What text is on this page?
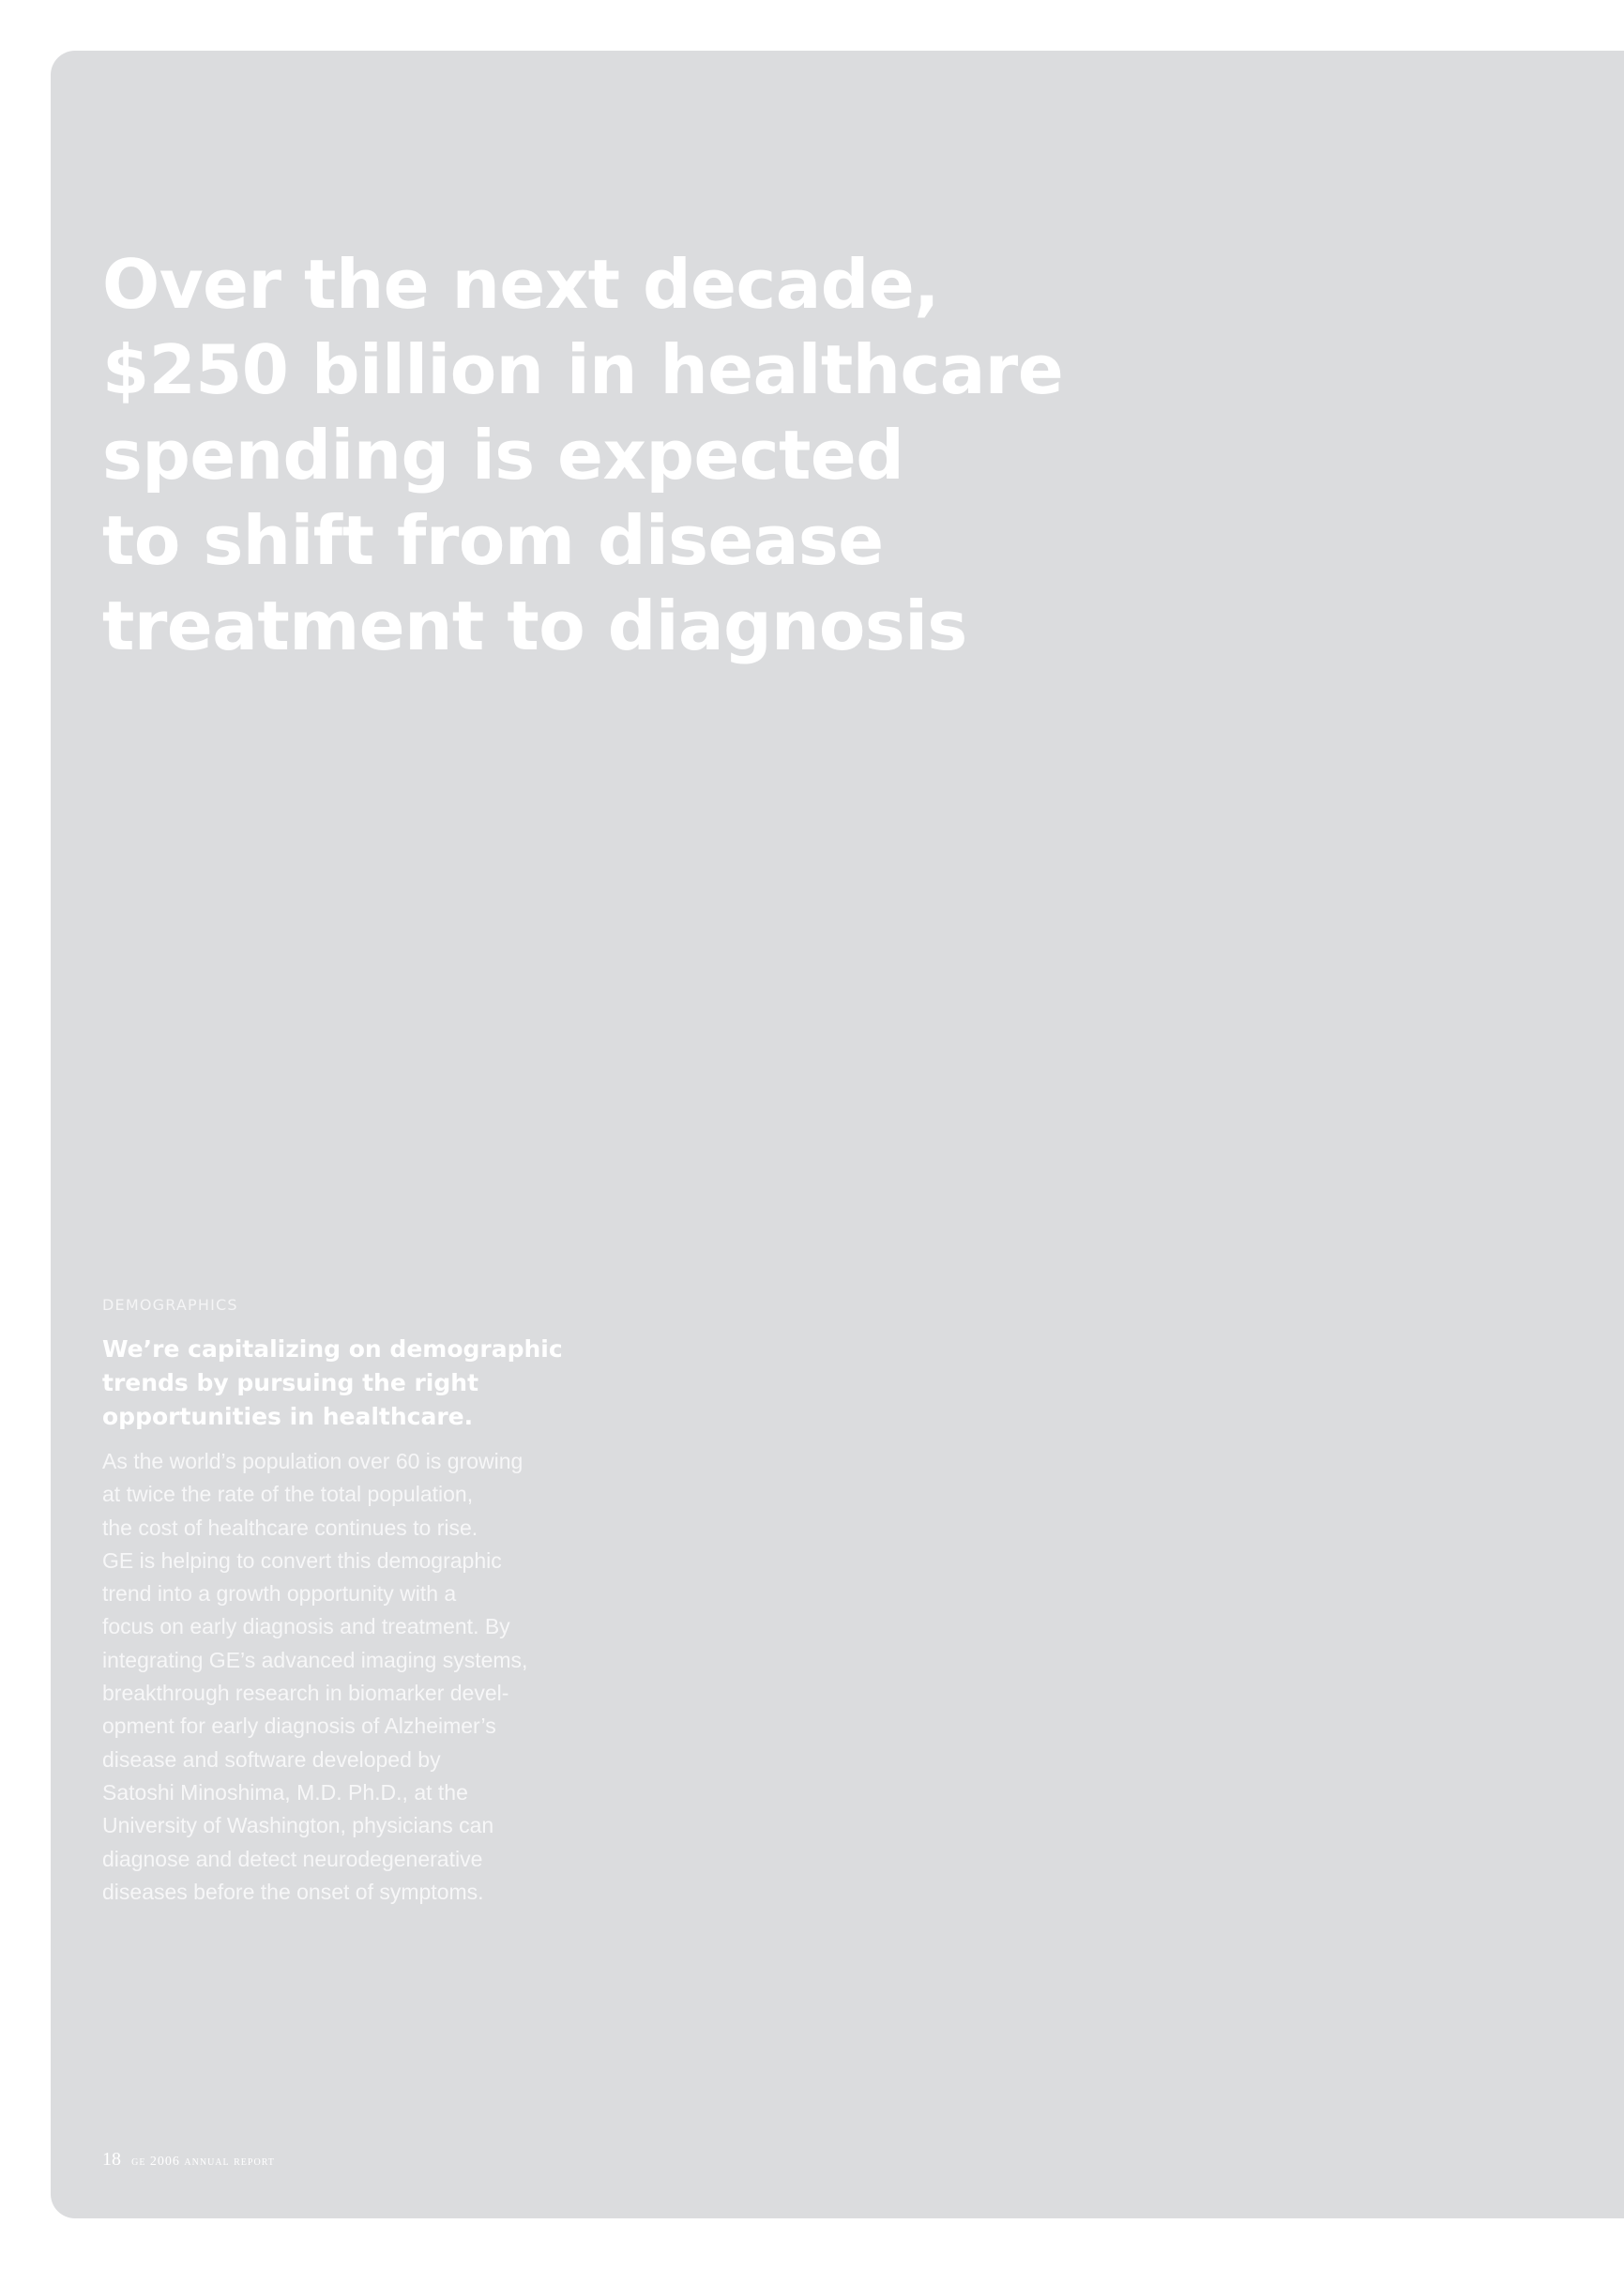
Over the next decade,
$250 billion in healthcare
spending is expected
to shift from disease
treatment to diagnosis

DEMOGRAPHICS

We’re capitalizing on demographic
trends by pursuing the right
opportunities in healthcare.

As the world’s population over 60 is growing
at twice the rate of the total population,
the cost of healthcare continues to rise.
GE is helping to convert this demographic
trend into a growth opportunity with a
focus on early diagnosis and treatment. By
integrating GE’s advanced imaging systems,
breakthrough research in biomarker devel-
opment for early diagnosis of Alzheimer’s
disease and software developed by
Satoshi Minoshima, M.D. Ph.D., at the
University of Washington, physicians can
diagnose and detect neurodegenerative
diseases before the onset of symptoms.

18 ge 2006 annual report
